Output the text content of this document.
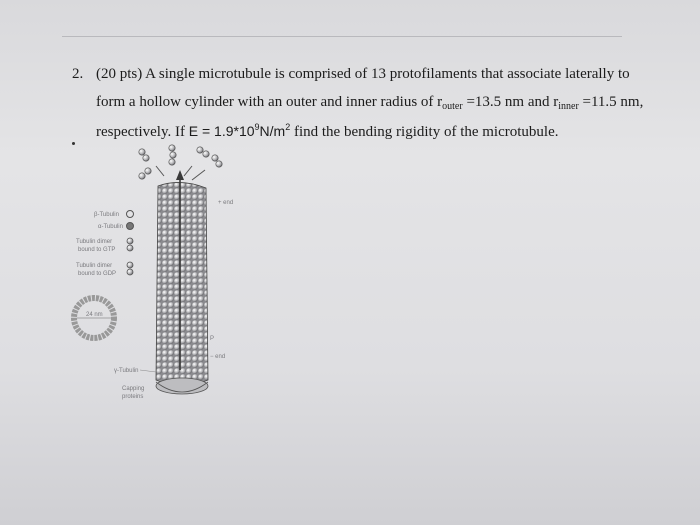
2. (20 pts) A single microtubule is comprised of 13 protofilaments that associate laterally to
form a hollow cylinder with an outer and inner radius of $r_{outer} =13.5$ nm and $r_{inner} =11.5$ nm,
respectively. If $E = 1.9*10^9N/m^2$ find the bending rigidity of the microtubule.
β-Tubulin
α-Tubulin
Tubulin dimer
bound to GTP
Tubulin dimer
bound to GDP
24 nm
+ end
− end
P
γ-Tubulin
Capping
proteins
